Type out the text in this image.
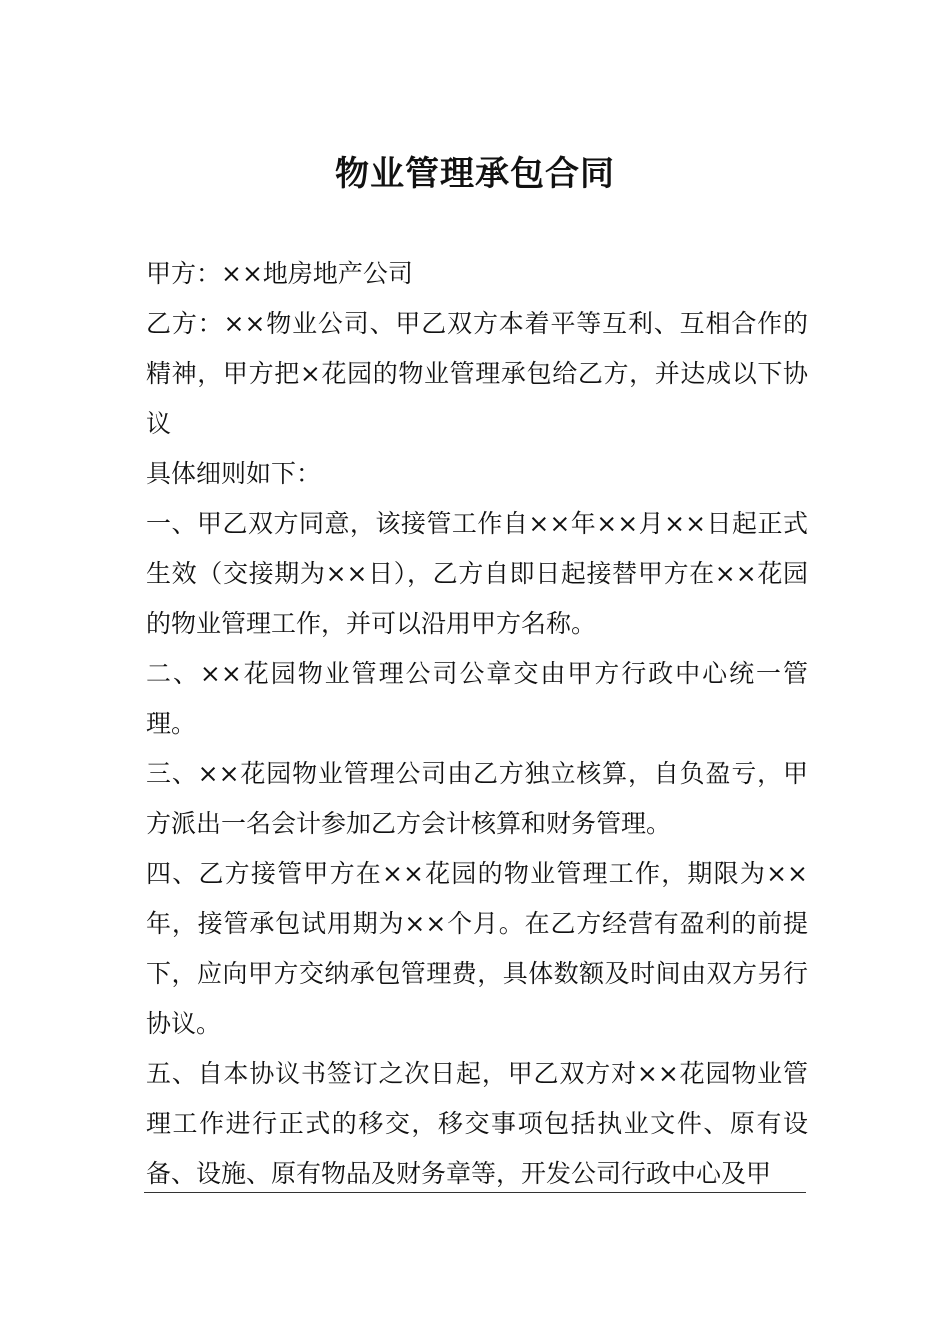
物业管理承包合同

甲方：××地房地产公司

乙方：××物业公司、甲乙双方本着平等互利、互相合作的精神，甲方把×花园的物业管理承包给乙方，并达成以下协议

具体细则如下：

一、甲乙双方同意，该接管工作自××年××月××日起正式生效（交接期为××日），乙方自即日起接替甲方在××花园的物业管理工作，并可以沿用甲方名称。

二、××花园物业管理公司公章交由甲方行政中心统一管理。

三、××花园物业管理公司由乙方独立核算，自负盈亏，甲方派出一名会计参加乙方会计核算和财务管理。

四、乙方接管甲方在××花园的物业管理工作，期限为××年，接管承包试用期为××个月。在乙方经营有盈利的前提下，应向甲方交纳承包管理费，具体数额及时间由双方另行协议。

五、自本协议书签订之次日起，甲乙双方对××花园物业管理工作进行正式的移交，移交事项包括执业文件、原有设备、设施、原有物品及财务章等，开发公司行政中心及甲
